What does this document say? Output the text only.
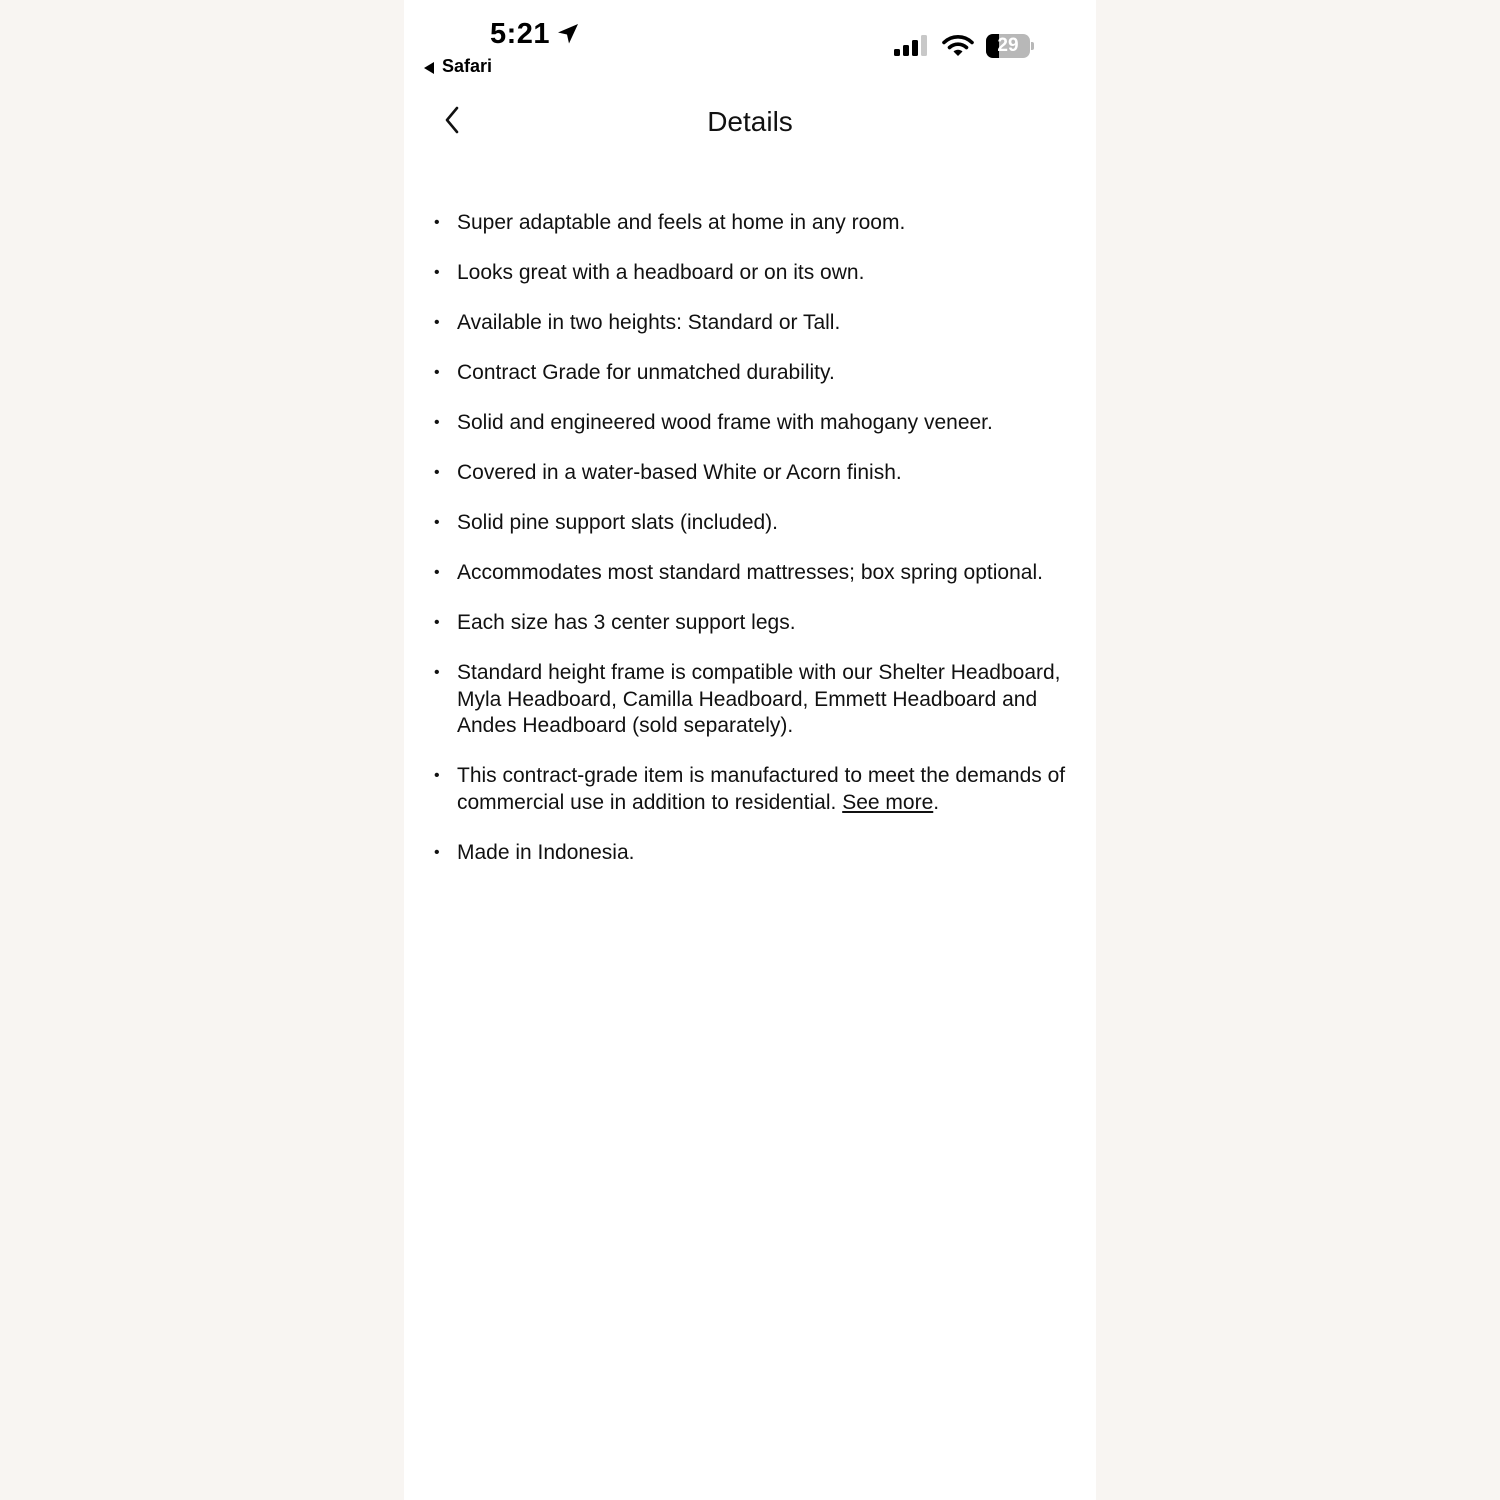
5:21
Safari
29
Details
• Super adaptable and feels at home in any room.
• Looks great with a headboard or on its own.
• Available in two heights: Standard or Tall.
• Contract Grade for unmatched durability.
• Solid and engineered wood frame with mahogany veneer.
• Covered in a water-based White or Acorn finish.
• Solid pine support slats (included).
• Accommodates most standard mattresses; box spring optional.
• Each size has 3 center support legs.
• Standard height frame is compatible with our Shelter Headboard, Myla Headboard, Camilla Headboard, Emmett Headboard and Andes Headboard (sold separately).
• This contract-grade item is manufactured to meet the demands of commercial use in addition to residential. See more.
• Made in Indonesia.
